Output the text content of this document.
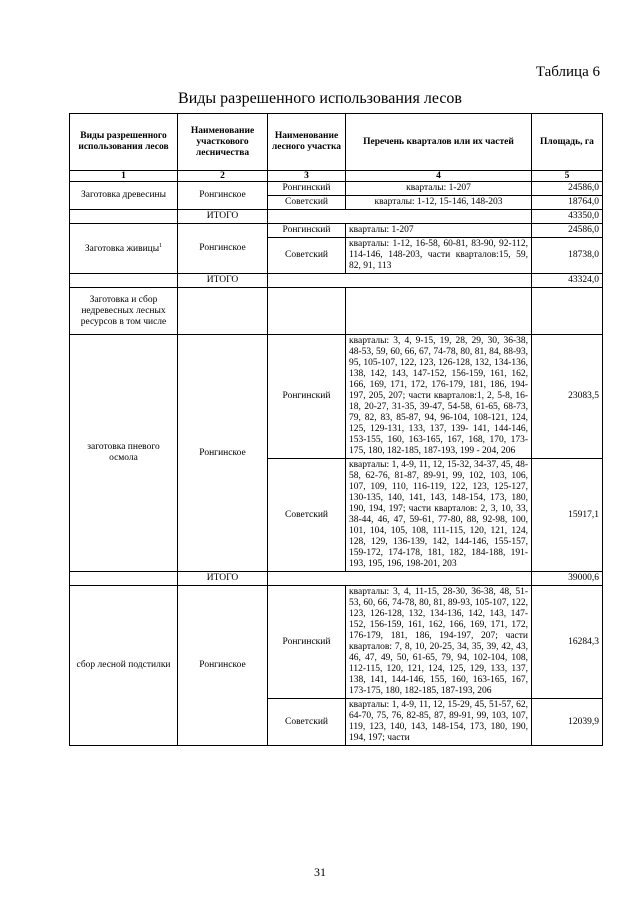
Таблица 6
Виды разрешенного использования лесов
Виды разрешенного использования лесов	Наименование участкового лесничества	Наименование лесного участка	Перечень кварталов или их частей	Площадь, га
1	2	3	4	5
Заготовка древесины	Ронгинское	Ронгинский	кварталы: 1-207	24586,0
		Советский	кварталы: 1-12, 15-146, 148-203	18764,0
	ИТОГО			43350,0
Заготовка живицы$^1$	Ронгинское	Ронгинский	кварталы: 1-207	24586,0
		Советский	кварталы: 1-12, 16-58, 60-81, 83-90, 92-112, 114-146, 148-203, части кварталов:15, 59, 82, 91, 113	18738,0
	ИТОГО			43324,0
Заготовка и сбор недревесных лесных ресурсов в том числе				
заготовка пневого осмола	Ронгинское	Ронгинский	кварталы: 3, 4, 9-15, 19, 28, 29, 30, 36-38, 48-53, 59, 60, 66, 67, 74-78, 80, 81, 84, 88-93, 95, 105-107, 122, 123, 126-128, 132, 134-136, 138, 142, 143, 147-152, 156-159, 161, 162, 166, 169, 171, 172, 176-179, 181, 186, 194-197, 205, 207; части кварталов:1, 2, 5-8, 16-18, 20-27, 31-35, 39-47, 54-58, 61-65, 68-73, 79, 82, 83, 85-87, 94, 96-104, 108-121, 124, 125, 129-131, 133, 137, 139- 141, 144-146, 153-155, 160, 163-165, 167, 168, 170, 173-175, 180, 182-185, 187-193, 199 - 204, 206	23083,5
		Советский	кварталы: 1, 4-9, 11, 12, 15-32, 34-37, 45, 48-58, 62-76, 81-87, 89-91, 99, 102, 103, 106, 107, 109, 110, 116-119, 122, 123, 125-127, 130-135, 140, 141, 143, 148-154, 173, 180, 190, 194, 197; части кварталов: 2, 3, 10, 33, 38-44, 46, 47, 59-61, 77-80, 88, 92-98, 100, 101, 104, 105, 108, 111-115, 120, 121, 124, 128, 129, 136-139, 142, 144-146, 155-157, 159-172, 174-178, 181, 182, 184-188, 191-193, 195, 196, 198-201, 203	15917,1
	ИТОГО			39000,6
сбор лесной подстилки	Ронгинское	Ронгинский	кварталы: 3, 4, 11-15, 28-30, 36-38, 48, 51-53, 60, 66, 74-78, 80, 81, 89-93, 105-107, 122, 123, 126-128, 132, 134-136, 142, 143, 147-152, 156-159, 161, 162, 166, 169, 171, 172, 176-179, 181, 186, 194-197, 207; части кварталов: 7, 8, 10, 20-25, 34, 35, 39, 42, 43, 46, 47, 49, 50, 61-65, 79, 94, 102-104, 108, 112-115, 120, 121, 124, 125, 129, 133, 137, 138, 141, 144-146, 155, 160, 163-165, 167, 173-175, 180, 182-185, 187-193, 206	16284,3
		Советский	кварталы: 1, 4-9, 11, 12, 15-29, 45, 51-57, 62, 64-70, 75, 76, 82-85, 87, 89-91, 99, 103, 107, 119, 123, 140, 143, 148-154, 173, 180, 190, 194, 197; части	12039,9
31
